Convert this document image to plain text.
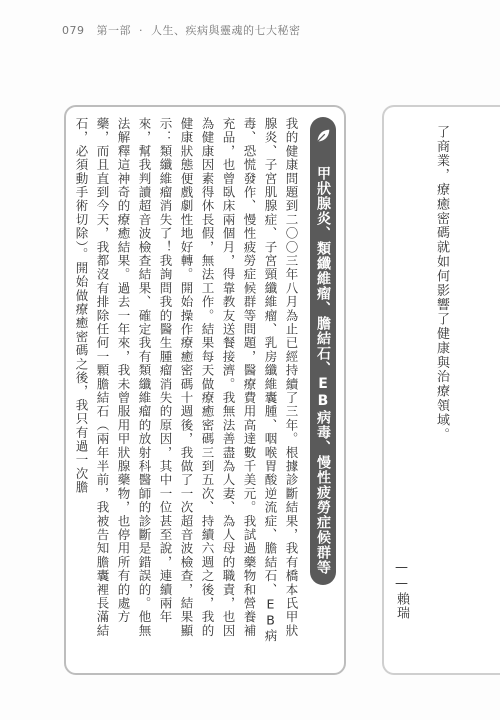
079 第一部 · 人生、疾病與靈魂的七大秘密
甲狀腺炎、類纖維瘤、膽結石、EB病毒、慢性疲勞症候群等

我的健康問題到二〇〇三年八月為止已經持續了三年。根據診斷結果，我有橋本氏甲狀腺炎、子宮肌腺症、子宮頸纖維瘤、乳房纖維囊腫、咽喉胃酸逆流症、膽結石、EB病毒、恐慌發作、慢性疲勞症候群等問題，醫療費用高達數千美元。我試過藥物和營養補充品，也曾臥床兩個月，得靠教友送餐接濟。我無法善盡為人妻、為人母的職責，也因為健康因素得休長假，無法工作。結果每天做療癒密碼三到五次、持續六週之後，我的健康狀態便戲劇性地好轉。開始操作療癒密碼十週後，我做了一次超音波檢查，結果顯示：類纖維瘤消失了！我詢問我的醫生腫瘤消失的原因，其中一位甚至說，連續兩年來，幫我判讀超音波檢查結果、確定我有類纖維瘤的放射科醫師的診斷是錯誤的。他無法解釋這神奇的療癒結果。過去一年來，我未曾服用甲狀腺藥物，也停用所有的處方藥，而且直到今天，我都沒有排除任何一顆膽結石（兩年半前，我被告知膽囊裡長滿結石，必須動手術切除）。開始做療癒密碼之後，我只有過一次膽	了商業，療癒密碼就如何影響了健康與治療領域。
——
賴瑞
